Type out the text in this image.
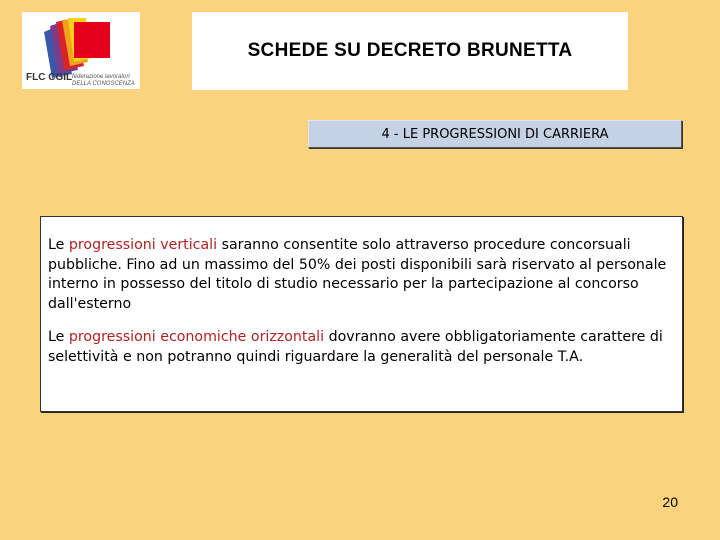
FLC CGIL federazione lavoratori
DELLA CONOSCENZA
SCHEDE SU DECRETO BRUNETTA
4 - LE PROGRESSIONI DI CARRIERA

Le progressioni verticali saranno consentite solo attraverso procedure concorsuali pubbliche. Fino ad un massimo del 50% dei posti disponibili sarà riservato al personale interno in possesso del titolo di studio necessario per la partecipazione al concorso dall'esterno

Le progressioni economiche orizzontali dovranno avere obbligatoriamente carattere di selettività e non potranno quindi riguardare la generalità del personale T.A.

20
